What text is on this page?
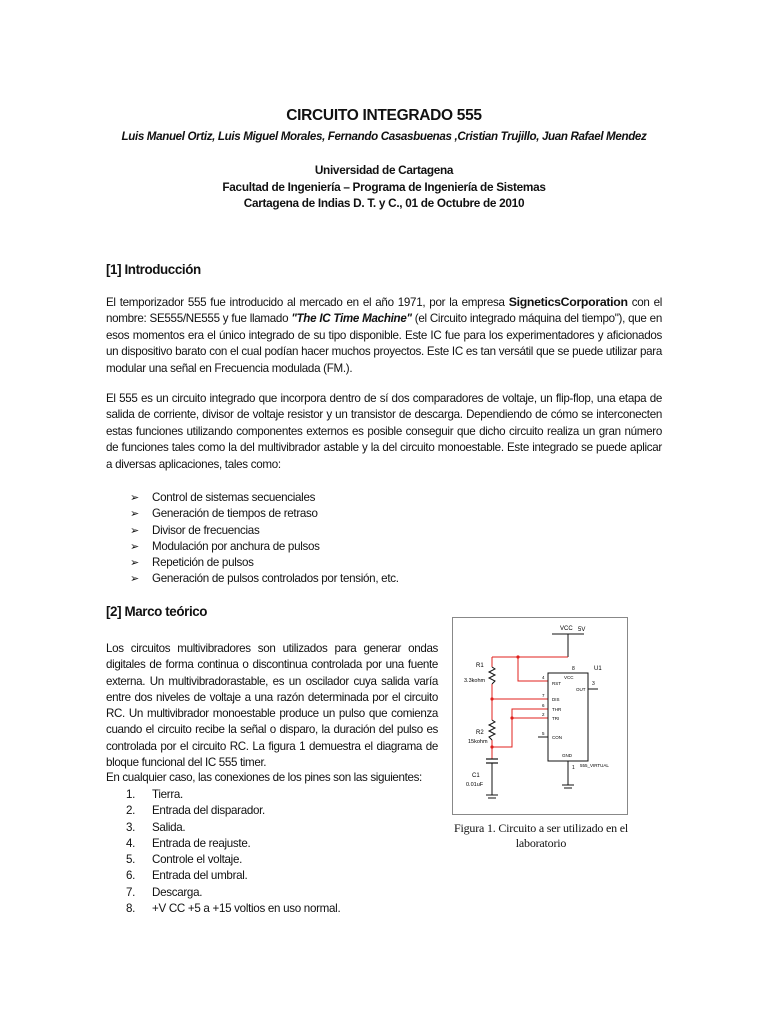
CIRCUITO INTEGRADO 555
Luis Manuel Ortiz, Luis Miguel Morales, Fernando Casasbuenas ,Cristian Trujillo, Juan Rafael Mendez
Universidad de Cartagena
Facultad de Ingeniería – Programa de Ingeniería de Sistemas
Cartagena de Indias D. T. y C., 01 de Octubre de 2010
[1] Introducción
El temporizador 555 fue introducido al mercado en el año 1971, por la empresa SigneticsCorporation con el nombre: SE555/NE555 y fue llamado "The IC Time Machine" (el Circuito integrado máquina del tiempo"), que en esos momentos era el único integrado de su tipo disponible. Este IC fue para los experimentadores y aficionados un dispositivo barato con el cual podían hacer muchos proyectos. Este IC es tan versátil que se puede utilizar para modular una señal en Frecuencia modulada (FM.).
El 555 es un circuito integrado que incorpora dentro de sí dos comparadores de voltaje, un flip-flop, una etapa de salida de corriente, divisor de voltaje resistor y un transistor de descarga. Dependiendo de cómo se interconecten estas funciones utilizando componentes externos es posible conseguir que dicho circuito realiza un gran número de funciones tales como la del multivibrador astable y la del circuito monoestable. Este integrado se puede aplicar a diversas aplicaciones, tales como:
➢ Control de sistemas secuenciales
➢ Generación de tiempos de retraso
➢ Divisor de frecuencias
➢ Modulación por anchura de pulsos
➢ Repetición de pulsos
➢ Generación de pulsos controlados por tensión, etc.
[2] Marco teórico
Los circuitos multivibradores son utilizados para generar ondas digitales de forma continua o discontinua controlada por una fuente externa. Un multivibradorastable, es un oscilador cuya salida varía entre dos niveles de voltaje a una razón determinada por el circuito RC. Un multivibrador monoestable produce un pulso que comienza cuando el circuito recibe la señal o disparo, la duración del pulso es controlada por el circuito RC. La figura 1 demuestra el diagrama de bloque funcional del IC 555 timer.
En cualquier caso, las conexiones de los pines son las siguientes:
1. Tierra.
2. Entrada del disparador.
3. Salida.
4. Entrada de reajuste.
5. Controle el voltaje.
6. Entrada del umbral.
7. Descarga.
8. +V CC +5 a +15 voltios en uso normal.
VCC 5V
R1
3.3kohm
R2
15kohm
C1
0.01uF
U1
8
VCC
RST
DIS
THR
TRI
CON
GND
OUT
3
1 555_VIRTUAL
4
7
6
2
5
Figura 1. Circuito a ser utilizado en el laboratorio
